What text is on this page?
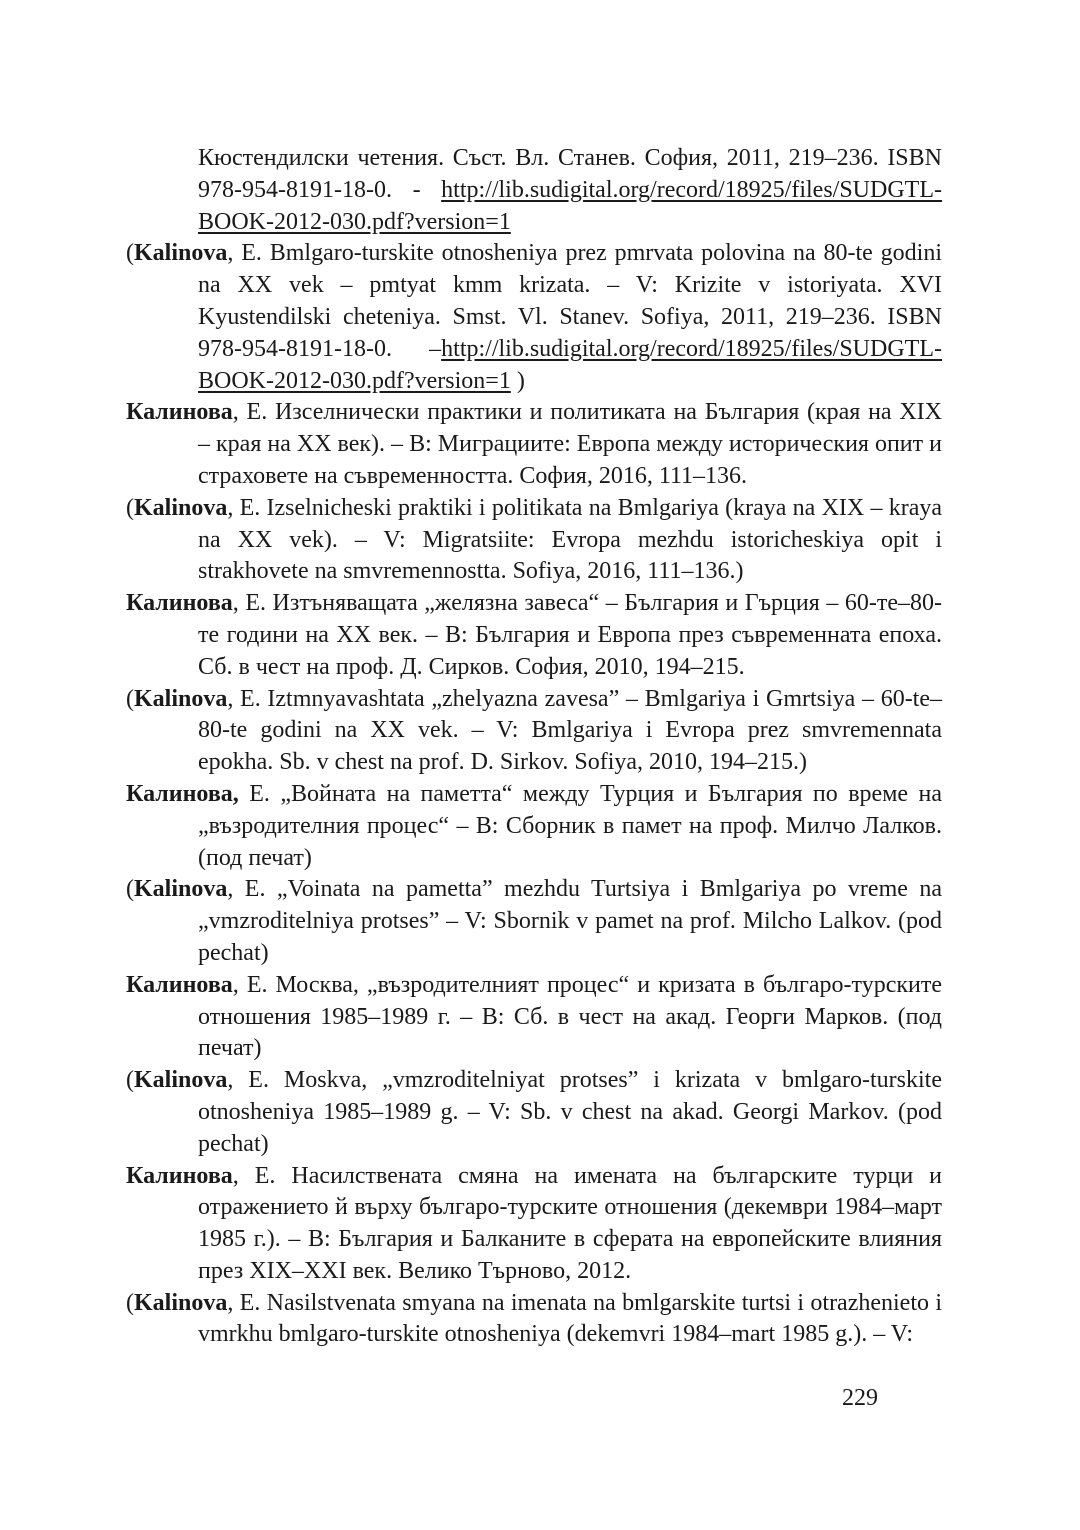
Кюстендилски четения. Съст. Вл. Станев. София, 2011, 219–236. ISBN 978-954-8191-18-0. - http://lib.sudigital.org/record/18925/files/SUDGTL-BOOK-2012-030.pdf?version=1

(Kalinova, E. Bmlgaro-turskite otnosheniya prez pmrvata polovina na 80-te godini na XX vek – pmtyat kmm krizata. – V: Krizite v istoriyata. XVI Kyustendilski cheteniya. Smst. Vl. Stanev. Sofiya, 2011, 219–236. ISBN 978-954-8191-18-0. –http://lib.sudigital.org/record/18925/files/SUDGTL-BOOK-2012-030.pdf?version=1 )

Калинова, Е. Изселнически практики и политиката на България (края на XIX – края на XX век). – В: Миграциите: Европа между историческия опит и страховете на съвременността. София, 2016, 111–136.

(Kalinova, E. Izselnicheski praktiki i politikata na Bmlgariya (kraya na XIX – kraya na XX vek). – V: Migratsiite: Evropa mezhdu istoricheskiya opit i strakhovete na smvremennostta. Sofiya, 2016, 111–136.)

Калинова, Е. Изтъняващата „желязна завеса“ – България и Гърция – 60-те–80-те години на XX век. – В: България и Европа през съвременната епоха. Сб. в чест на проф. Д. Сирков. София, 2010, 194–215.

(Kalinova, E. Iztmnyavashtata „zhelyazna zavesa” – Bmlgariya i Gmrtsiya – 60-te–80-te godini na XX vek. – V: Bmlgariya i Evropa prez smvremennata epokha. Sb. v chest na prof. D. Sirkov. Sofiya, 2010, 194–215.)

Калинова, Е. „Войната на паметта“ между Турция и България по време на „възродителния процес“ – В: Сборник в памет на проф. Милчо Лалков. (под печат)

(Kalinova, E. „Voinata na pametta” mezhdu Turtsiya i Bmlgariya po vreme na „vmzroditelniya protses” – V: Sbornik v pamet na prof. Milcho Lalkov. (pod pechat)

Калинова, Е. Москва, „възродителният процес“ и кризата в българо-турските отношения 1985–1989 г. – В: Сб. в чест на акад. Георги Марков. (под печат)

(Kalinova, E. Moskva, „vmzroditelniyat protses” i krizata v bmlgaro-turskite otnosheniya 1985–1989 g. – V: Sb. v chest na akad. Georgi Markov. (pod pechat)

Калинова, Е. Насилствената смяна на имената на българските турци и отражението й върху българо-турските отношения (декември 1984–март 1985 г.). – В: България и Балканите в сферата на европейските влияния през XIX–XXI век. Велико Търново, 2012.

(Kalinova, E. Nasilstvenata smyana na imenata na bmlgarskite turtsi i otrazhenieto i vmrkhu bmlgaro-turskite otnosheniya (dekemvri 1984–mart 1985 g.). – V:

229
